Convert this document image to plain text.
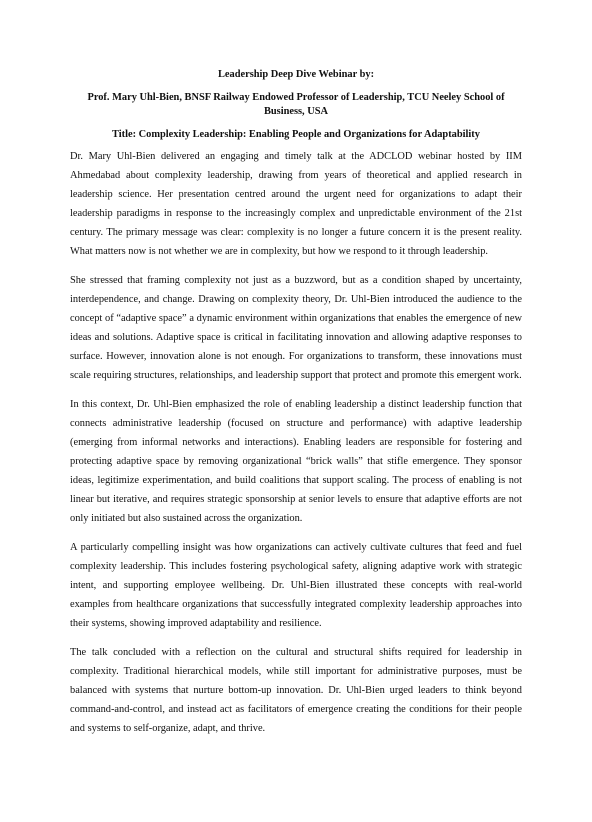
Leadership Deep Dive Webinar by:

Prof. Mary Uhl-Bien, BNSF Railway Endowed Professor of Leadership, TCU Neeley School of Business, USA

Title: Complexity Leadership: Enabling People and Organizations for Adaptability

Dr. Mary Uhl-Bien delivered an engaging and timely talk at the ADCLOD webinar hosted by IIM Ahmedabad about complexity leadership, drawing from years of theoretical and applied research in leadership science. Her presentation centred around the urgent need for organizations to adapt their leadership paradigms in response to the increasingly complex and unpredictable environment of the 21st century. The primary message was clear: complexity is no longer a future concern it is the present reality. What matters now is not whether we are in complexity, but how we respond to it through leadership.

She stressed that framing complexity not just as a buzzword, but as a condition shaped by uncertainty, interdependence, and change. Drawing on complexity theory, Dr. Uhl-Bien introduced the audience to the concept of “adaptive space” a dynamic environment within organizations that enables the emergence of new ideas and solutions. Adaptive space is critical in facilitating innovation and allowing adaptive responses to surface. However, innovation alone is not enough. For organizations to transform, these innovations must scale requiring structures, relationships, and leadership support that protect and promote this emergent work.

In this context, Dr. Uhl-Bien emphasized the role of enabling leadership a distinct leadership function that connects administrative leadership (focused on structure and performance) with adaptive leadership (emerging from informal networks and interactions). Enabling leaders are responsible for fostering and protecting adaptive space by removing organizational “brick walls” that stifle emergence. They sponsor ideas, legitimize experimentation, and build coalitions that support scaling. The process of enabling is not linear but iterative, and requires strategic sponsorship at senior levels to ensure that adaptive efforts are not only initiated but also sustained across the organization.

A particularly compelling insight was how organizations can actively cultivate cultures that feed and fuel complexity leadership. This includes fostering psychological safety, aligning adaptive work with strategic intent, and supporting employee wellbeing. Dr. Uhl-Bien illustrated these concepts with real-world examples from healthcare organizations that successfully integrated complexity leadership approaches into their systems, showing improved adaptability and resilience.

The talk concluded with a reflection on the cultural and structural shifts required for leadership in complexity. Traditional hierarchical models, while still important for administrative purposes, must be balanced with systems that nurture bottom-up innovation. Dr. Uhl-Bien urged leaders to think beyond command-and-control, and instead act as facilitators of emergence creating the conditions for their people and systems to self-organize, adapt, and thrive.
